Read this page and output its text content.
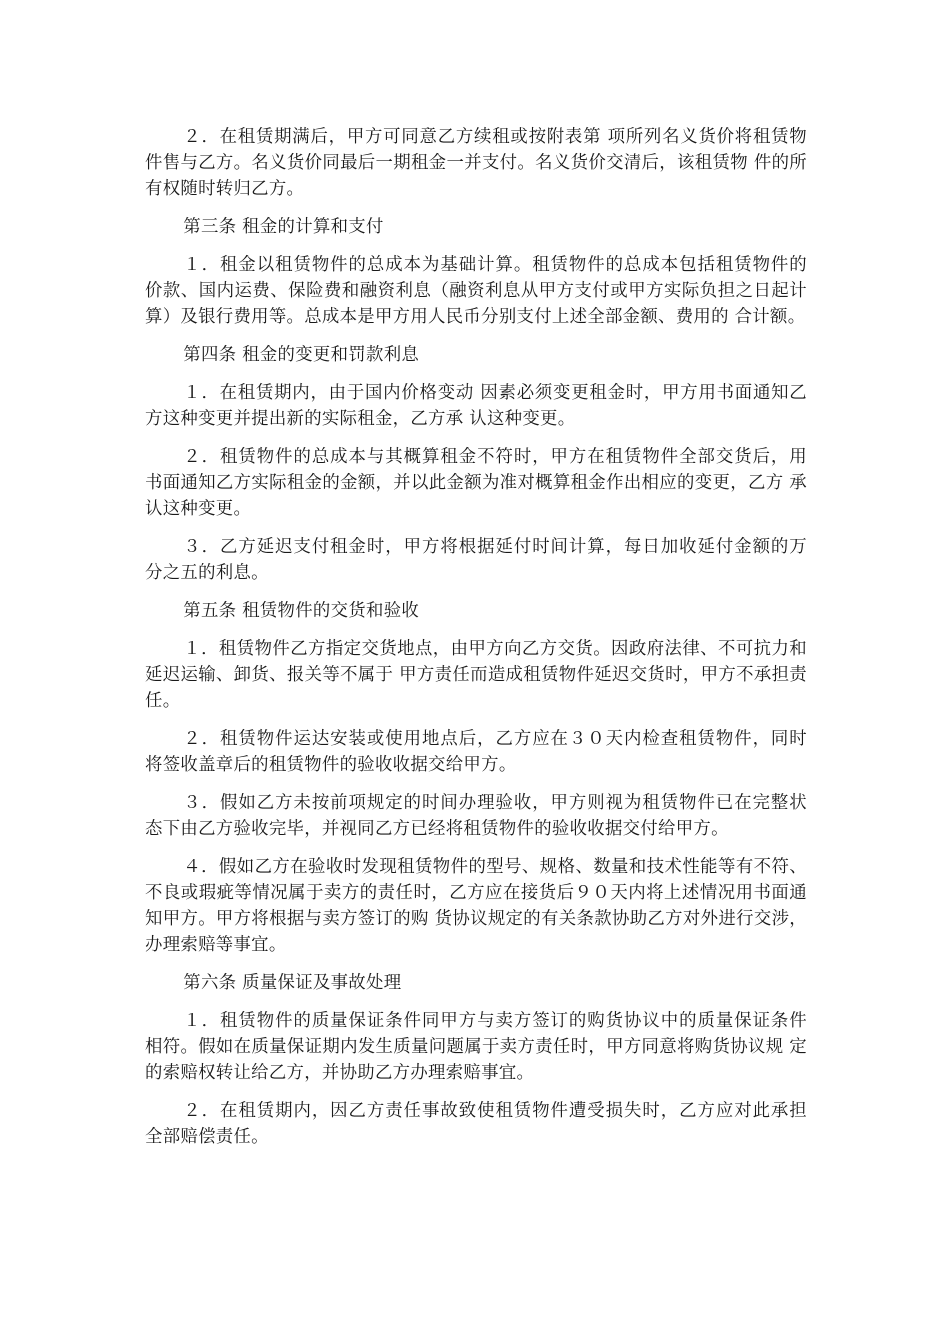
２．在租赁期满后，甲方可同意乙方续租或按附表第 项所列名义货价将租赁物件售与乙方。名义货价同最后一期租金一并支付。名义货价交清后，该租赁物 件的所有权随时转归乙方。

第三条 租金的计算和支付

１．租金以租赁物件的总成本为基础计算。租赁物件的总成本包括租赁物件的 价款、国内运费、保险费和融资利息（融资利息从甲方支付或甲方实际负担之日起计 算）及银行费用等。总成本是甲方用人民币分别支付上述全部金额、费用的 合计额。

第四条 租金的变更和罚款利息

１．在租赁期内，由于国内价格变动 因素必须变更租金时，甲方用书面通知乙方这种变更并提出新的实际租金，乙方承 认这种变更。

２．租赁物件的总成本与其概算租金不符时，甲方在租赁物件全部交货后，用 书面通知乙方实际租金的金额，并以此金额为准对概算租金作出相应的变更，乙方 承认这种变更。

３．乙方延迟支付租金时，甲方将根据延付时间计算，每日加收延付金额的万 分之五的利息。

第五条 租赁物件的交货和验收

１．租赁物件乙方指定交货地点，由甲方向乙方交货。因政府法律、不可抗力和延迟运输、卸货、报关等不属于 甲方责任而造成租赁物件延迟交货时，甲方不承担责任。

２．租赁物件运达安装或使用地点后，乙方应在３０天内检查租赁物件，同时 将签收盖章后的租赁物件的验收收据交给甲方。

３．假如乙方未按前项规定的时间办理验收，甲方则视为租赁物件已在完整状 态下由乙方验收完毕，并视同乙方已经将租赁物件的验收收据交付给甲方。

４．假如乙方在验收时发现租赁物件的型号、规格、数量和技术性能等有不符、 不良或瑕疵等情况属于卖方的责任时，乙方应在接货后９０天内将上述情况用书面通知甲方。甲方将根据与卖方签订的购 货协议规定的有关条款协助乙方对外进行交涉，办理索赔等事宜。

第六条 质量保证及事故处理

１．租赁物件的质量保证条件同甲方与卖方签订的购货协议中的质量保证条件 相符。假如在质量保证期内发生质量问题属于卖方责任时，甲方同意将购货协议规 定的索赔权转让给乙方，并协助乙方办理索赔事宜。

２．在租赁期内，因乙方责任事故致使租赁物件遭受损失时，乙方应对此承担 全部赔偿责任。
